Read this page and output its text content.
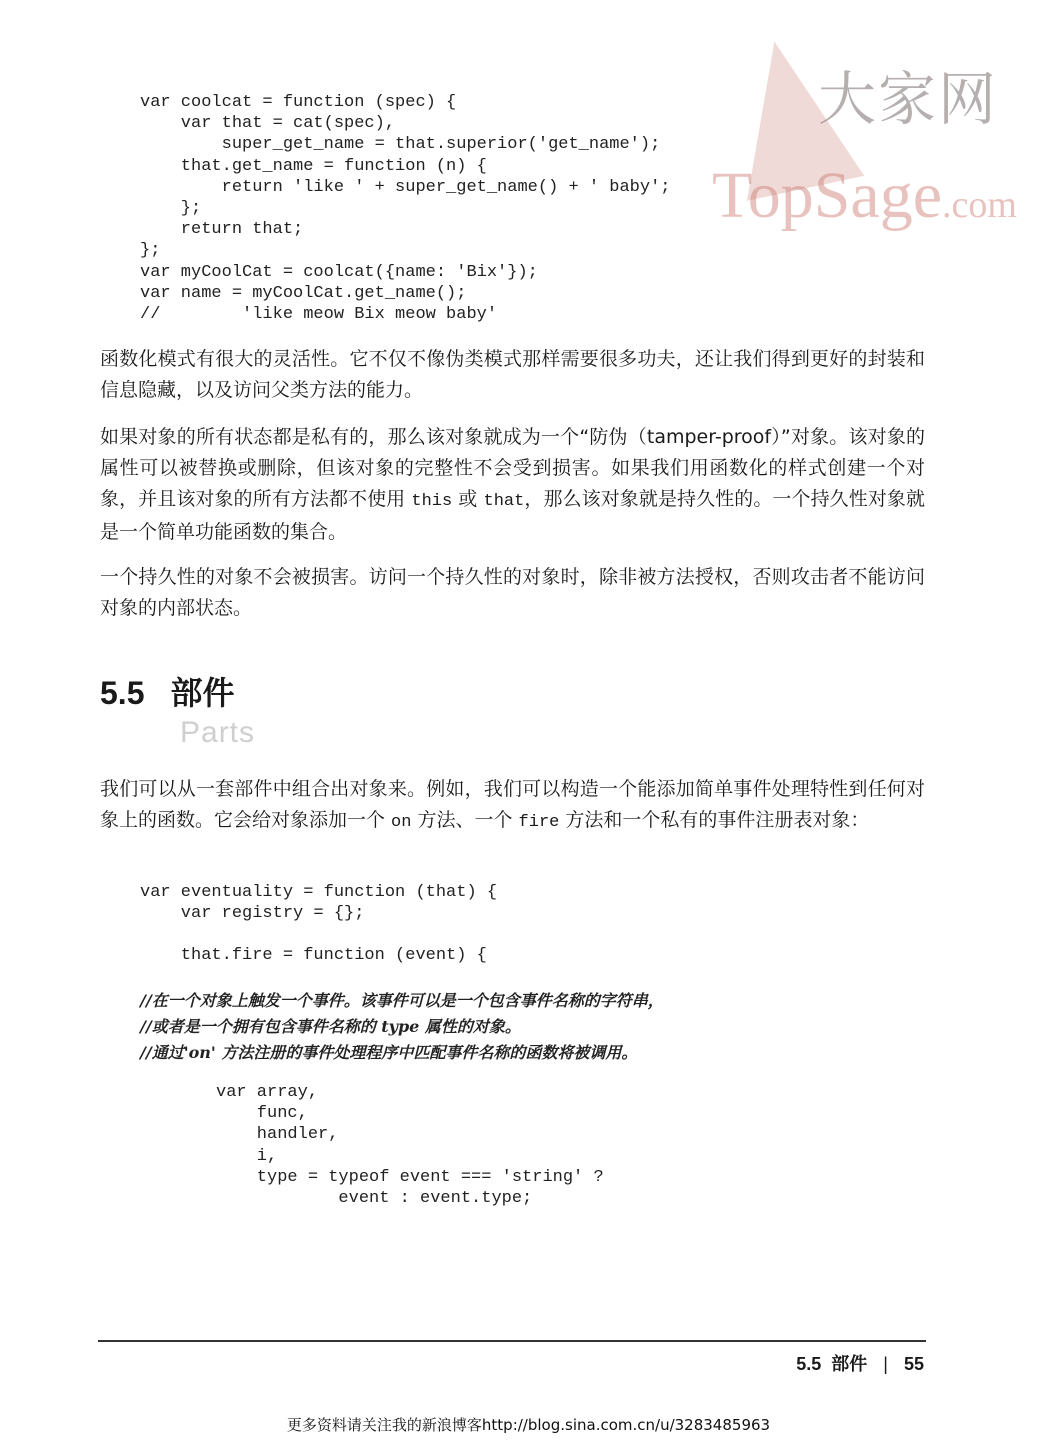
大家网
TopSage.com
var coolcat = function (spec) {
var that = cat(spec),
super_get_name = that.superior('get_name');
that.get_name = function (n) {
return 'like ' + super_get_name() + ' baby';
};
return that;
};
var myCoolCat = coolcat({name: 'Bix'});
var name = myCoolCat.get_name();
//        'like meow Bix meow baby'

函数化模式有很大的灵活性。它不仅不像伪类模式那样需要很多功夫，还让我们得到更好的封装和信息隐藏，以及访问父类方法的能力。

如果对象的所有状态都是私有的，那么该对象就成为一个“防伪（tamper-proof）”对象。该对象的属性可以被替换或删除，但该对象的完整性不会受到损害。如果我们用函数化的样式创建一个对象，并且该对象的所有方法都不使用 this 或 that，那么该对象就是持久性的。一个持久性对象就是一个简单功能函数的集合。

一个持久性的对象不会被损害。访问一个持久性的对象时，除非被方法授权，否则攻击者不能访问对象的内部状态。

5.5 部件
Parts

我们可以从一套部件中组合出对象来。例如，我们可以构造一个能添加简单事件处理特性到任何对象上的函数。它会给对象添加一个 on 方法、一个 fire 方法和一个私有的事件注册表对象：

var eventuality = function (that) {
var registry = {};
that.fire = function (event) {
//在一个对象上触发一个事件。该事件可以是一个包含事件名称的字符串，
//或者是一个拥有包含事件名称的 type 属性的对象。
//通过'on' 方法注册的事件处理程序中匹配事件名称的函数将被调用。
var array,
func,
handler,
i,
type = typeof event === 'string' ?
event : event.type;
5.5 部件 | 55
更多资料请关注我的新浪博客http://blog.sina.com.cn/u/3283485963
